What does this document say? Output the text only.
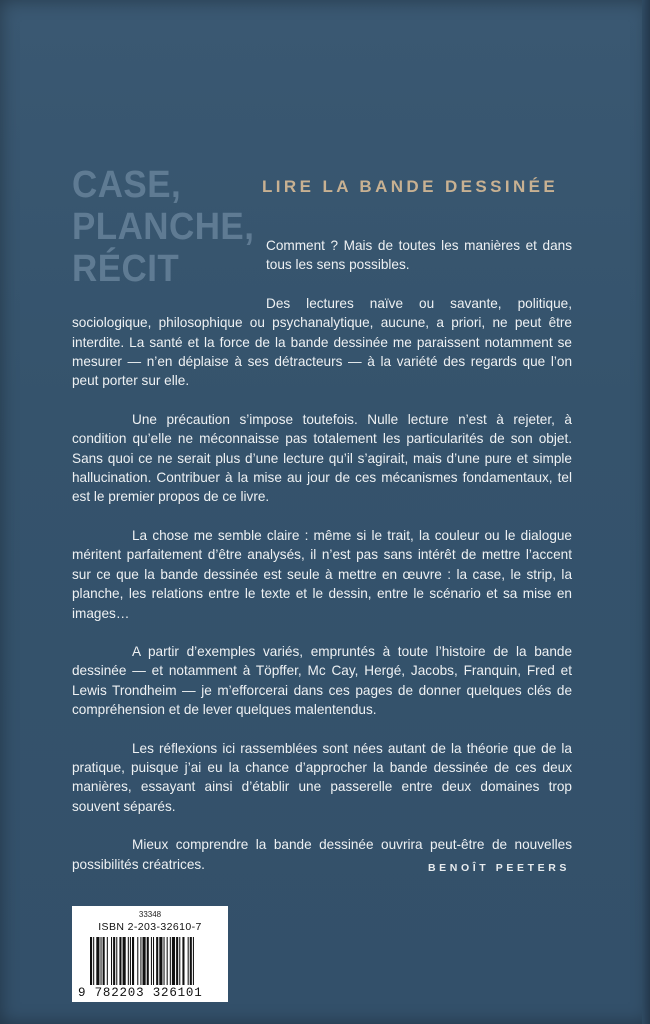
CASE,
PLANCHE,
RÉCIT
LIRE LA BANDE DESSINÉE

Comment ? Mais de toutes les manières et dans tous les sens possibles.

Des lectures naïve ou savante, politique, sociologique, philosophique ou psychanalytique, aucune, a priori, ne peut être interdite. La santé et la force de la bande dessinée me paraissent notamment se mesurer — n’en déplaise à ses détracteurs — à la variété des regards que l’on peut porter sur elle.

Une précaution s’impose toutefois. Nulle lecture n’est à rejeter, à condition qu’elle ne méconnaisse pas totalement les particularités de son objet. Sans quoi ce ne serait plus d’une lecture qu’il s’agirait, mais d’une pure et simple hallucination. Contribuer à la mise au jour de ces mécanismes fondamentaux, tel est le premier propos de ce livre.

La chose me semble claire : même si le trait, la couleur ou le dialogue méritent parfaitement d’être analysés, il n’est pas sans intérêt de mettre l’accent sur ce que la bande dessinée est seule à mettre en œuvre : la case, le strip, la planche, les relations entre le texte et le dessin, entre le scénario et sa mise en images…

A partir d’exemples variés, empruntés à toute l’histoire de la bande dessinée — et notamment à Töpffer, Mc Cay, Hergé, Jacobs, Franquin, Fred et Lewis Trondheim — je m’efforcerai dans ces pages de donner quelques clés de compréhension et de lever quelques malentendus.

Les réflexions ici rassemblées sont nées autant de la théorie que de la pratique, puisque j’ai eu la chance d’approcher la bande dessinée de ces deux manières, essayant ainsi d’établir une passerelle entre deux domaines trop souvent séparés.

Mieux comprendre la bande dessinée ouvrira peut-être de nouvelles possibilités créatrices.	BENOÎT PEETERS
33348
ISBN 2-203-32610-7
9 782203 326101
